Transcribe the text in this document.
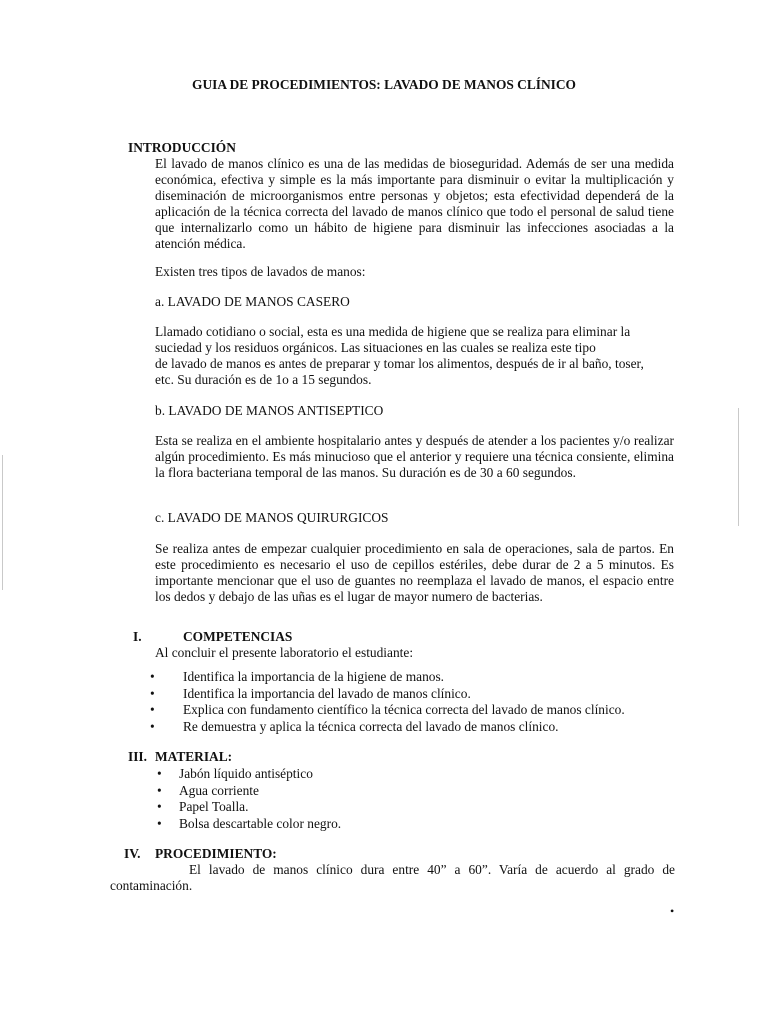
GUIA DE PROCEDIMIENTOS: LAVADO DE MANOS CLÍNICO
INTRODUCCIÓN
El lavado de manos clínico es una de las medidas de bioseguridad. Además de ser una medida económica, efectiva y simple es la más importante para disminuir o evitar la multiplicación y diseminación de microorganismos entre personas y objetos; esta efectividad dependerá de la aplicación de la técnica correcta del lavado de manos clínico que todo el personal de salud tiene que internalizarlo como un hábito de higiene para disminuir las infecciones asociadas a la atención médica.
Existen tres tipos de lavados de manos:
a. LAVADO DE MANOS CASERO
Llamado cotidiano o social, esta es una medida de higiene que se realiza para eliminar la
suciedad y los residuos orgánicos. Las situaciones en las cuales se realiza este tipo
de lavado de manos es antes de preparar y tomar los alimentos, después de ir al baño, toser,
etc. Su duración es de 1o a 15 segundos.
b. LAVADO DE MANOS ANTISEPTICO
Esta se realiza en el ambiente hospitalario antes y después de atender a los pacientes y/o realizar algún procedimiento. Es más minucioso que el anterior y requiere una técnica consiente, elimina la flora bacteriana temporal de las manos. Su duración es de 30 a 60 segundos.
c. LAVADO DE MANOS QUIRURGICOS
Se realiza antes de empezar cualquier procedimiento en sala de operaciones, sala de partos. En este procedimiento es necesario el uso de cepillos estériles, debe durar de 2 a 5 minutos. Es importante mencionar que el uso de guantes no reemplaza el lavado de manos, el espacio entre los dedos y debajo de las uñas es el lugar de mayor numero de bacterias.
I.	COMPETENCIAS
Al concluir el presente laboratorio el estudiante:
• Identifica la importancia de la higiene de manos.
• Identifica la importancia del lavado de manos clínico.
• Explica con fundamento científico la técnica correcta del lavado de manos clínico.
• Re demuestra y aplica la técnica correcta del lavado de manos clínico.
III. MATERIAL:
• Jabón líquido antiséptico
• Agua corriente
• Papel Toalla.
• Bolsa descartable color negro.
IV. PROCEDIMIENTO:
El lavado de manos clínico dura entre 40” a 60”. Varía de acuerdo al grado de
contaminación.
•
